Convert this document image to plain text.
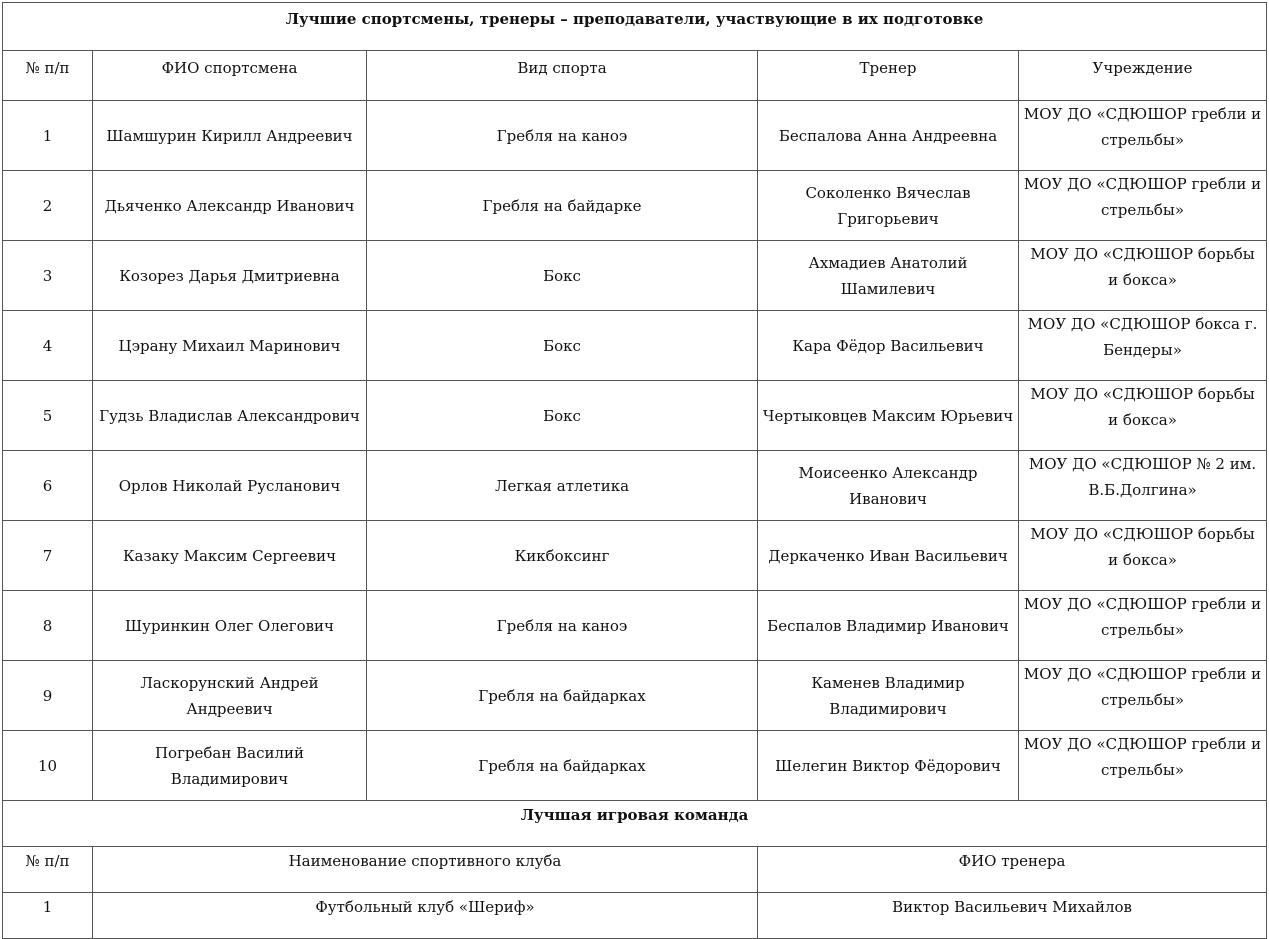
Лучшие спортсмены, тренеры – преподаватели, участвующие в их подготовке				
№ п/п	ФИО спортсмена	Вид спорта	Тренер	Учреждение
1	Шамшурин Кирилл Андреевич	Гребля на каноэ	Беспалова Анна Андреевна	МОУ ДО «СДЮШОР гребли и стрельбы»
2	Дьяченко Александр Иванович	Гребля на байдарке	Соколенко Вячеслав Григорьевич	МОУ ДО «СДЮШОР гребли и стрельбы»
3	Козорез Дарья Дмитриевна	Бокс	Ахмадиев Анатолий Шамилевич	МОУ ДО «СДЮШОР борьбы и бокса»
4	Цэрану Михаил Маринович	Бокс	Кара Фёдор Васильевич	МОУ ДО «СДЮШОР бокса г. Бендеры»
5	Гудзь Владислав Александрович	Бокс	Чертыковцев Максим Юрьевич	МОУ ДО «СДЮШОР борьбы и бокса»
6	Орлов Николай Русланович	Легкая атлетика	Моисеенко Александр Иванович	МОУ ДО «СДЮШОР № 2 им. В.Б.Долгина»
7	Казаку Максим Сергеевич	Кикбоксинг	Деркаченко Иван Васильевич	МОУ ДО «СДЮШОР борьбы и бокса»
8	Шуринкин Олег Олегович	Гребля на каноэ	Беспалов Владимир Иванович	МОУ ДО «СДЮШОР гребли и стрельбы»
9	Ласкорунский Андрей Андреевич	Гребля на байдарках	Каменев Владимир Владимирович	МОУ ДО «СДЮШОР гребли и стрельбы»
10	Погребан Василий Владимирович	Гребля на байдарках	Шелегин Виктор Фёдорович	МОУ ДО «СДЮШОР гребли и стрельбы»
Лучшая игровая команда				
№ п/п	Наименование спортивного клуба		ФИО тренера	
1	Футбольный клуб «Шериф»		Виктор Васильевич Михайлов	
